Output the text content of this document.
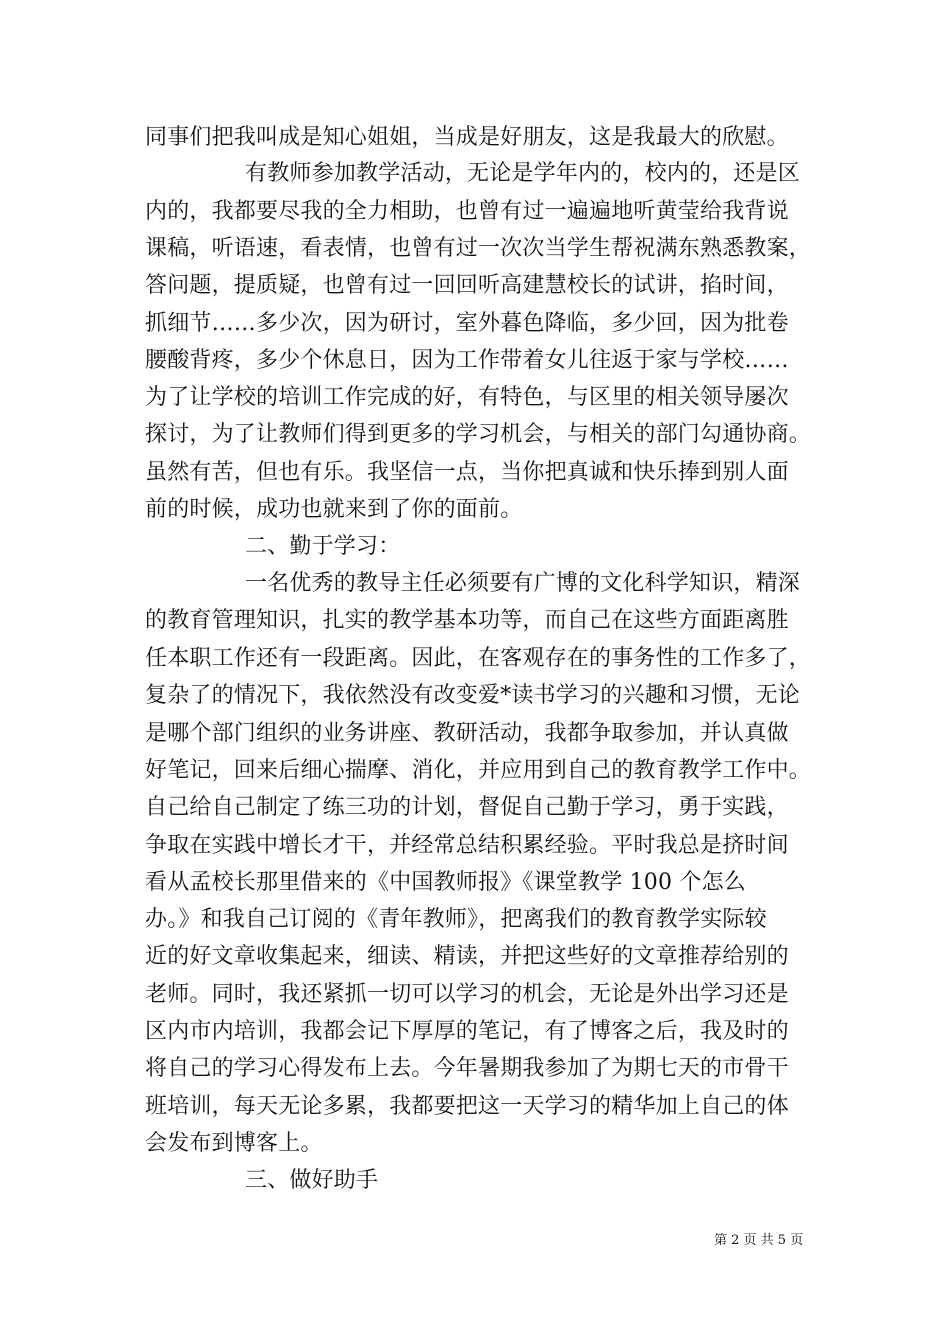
同事们把我叫成是知心姐姐，当成是好朋友，这是我最大的欣慰。
有教师参加教学活动，无论是学年内的，校内的，还是区
内的，我都要尽我的全力相助，也曾有过一遍遍地听黄莹给我背说
课稿，听语速，看表情，也曾有过一次次当学生帮祝满东熟悉教案，
答问题，提质疑，也曾有过一回回听高建慧校长的试讲，掐时间，
抓细节……多少次，因为研讨，室外暮色降临，多少回，因为批卷
腰酸背疼，多少个休息日，因为工作带着女儿往返于家与学校……
为了让学校的培训工作完成的好，有特色，与区里的相关领导屡次
探讨，为了让教师们得到更多的学习机会，与相关的部门勾通协商。
虽然有苦，但也有乐。我坚信一点，当你把真诚和快乐捧到别人面
前的时候，成功也就来到了你的面前。
二、勤于学习：
一名优秀的教导主任必须要有广博的文化科学知识，精深
的教育管理知识，扎实的教学基本功等，而自己在这些方面距离胜
任本职工作还有一段距离。因此，在客观存在的事务性的工作多了，
复杂了的情况下，我依然没有改变爱*读书学习的兴趣和习惯，无论
是哪个部门组织的业务讲座、教研活动，我都争取参加，并认真做
好笔记，回来后细心揣摩、消化，并应用到自己的教育教学工作中。
自己给自己制定了练三功的计划，督促自己勤于学习，勇于实践，
争取在实践中增长才干，并经常总结积累经验。平时我总是挤时间
看从孟校长那里借来的《中国教师报》《课堂教学 100 个怎么
办。》和我自己订阅的《青年教师》，把离我们的教育教学实际较
近的好文章收集起来，细读、精读，并把这些好的文章推荐给别的
老师。同时，我还紧抓一切可以学习的机会，无论是外出学习还是
区内市内培训，我都会记下厚厚的笔记，有了博客之后，我及时的
将自己的学习心得发布上去。今年暑期我参加了为期七天的市骨干
班培训，每天无论多累，我都要把这一天学习的精华加上自己的体
会发布到博客上。
三、做好助手
第 2 页 共 5 页
